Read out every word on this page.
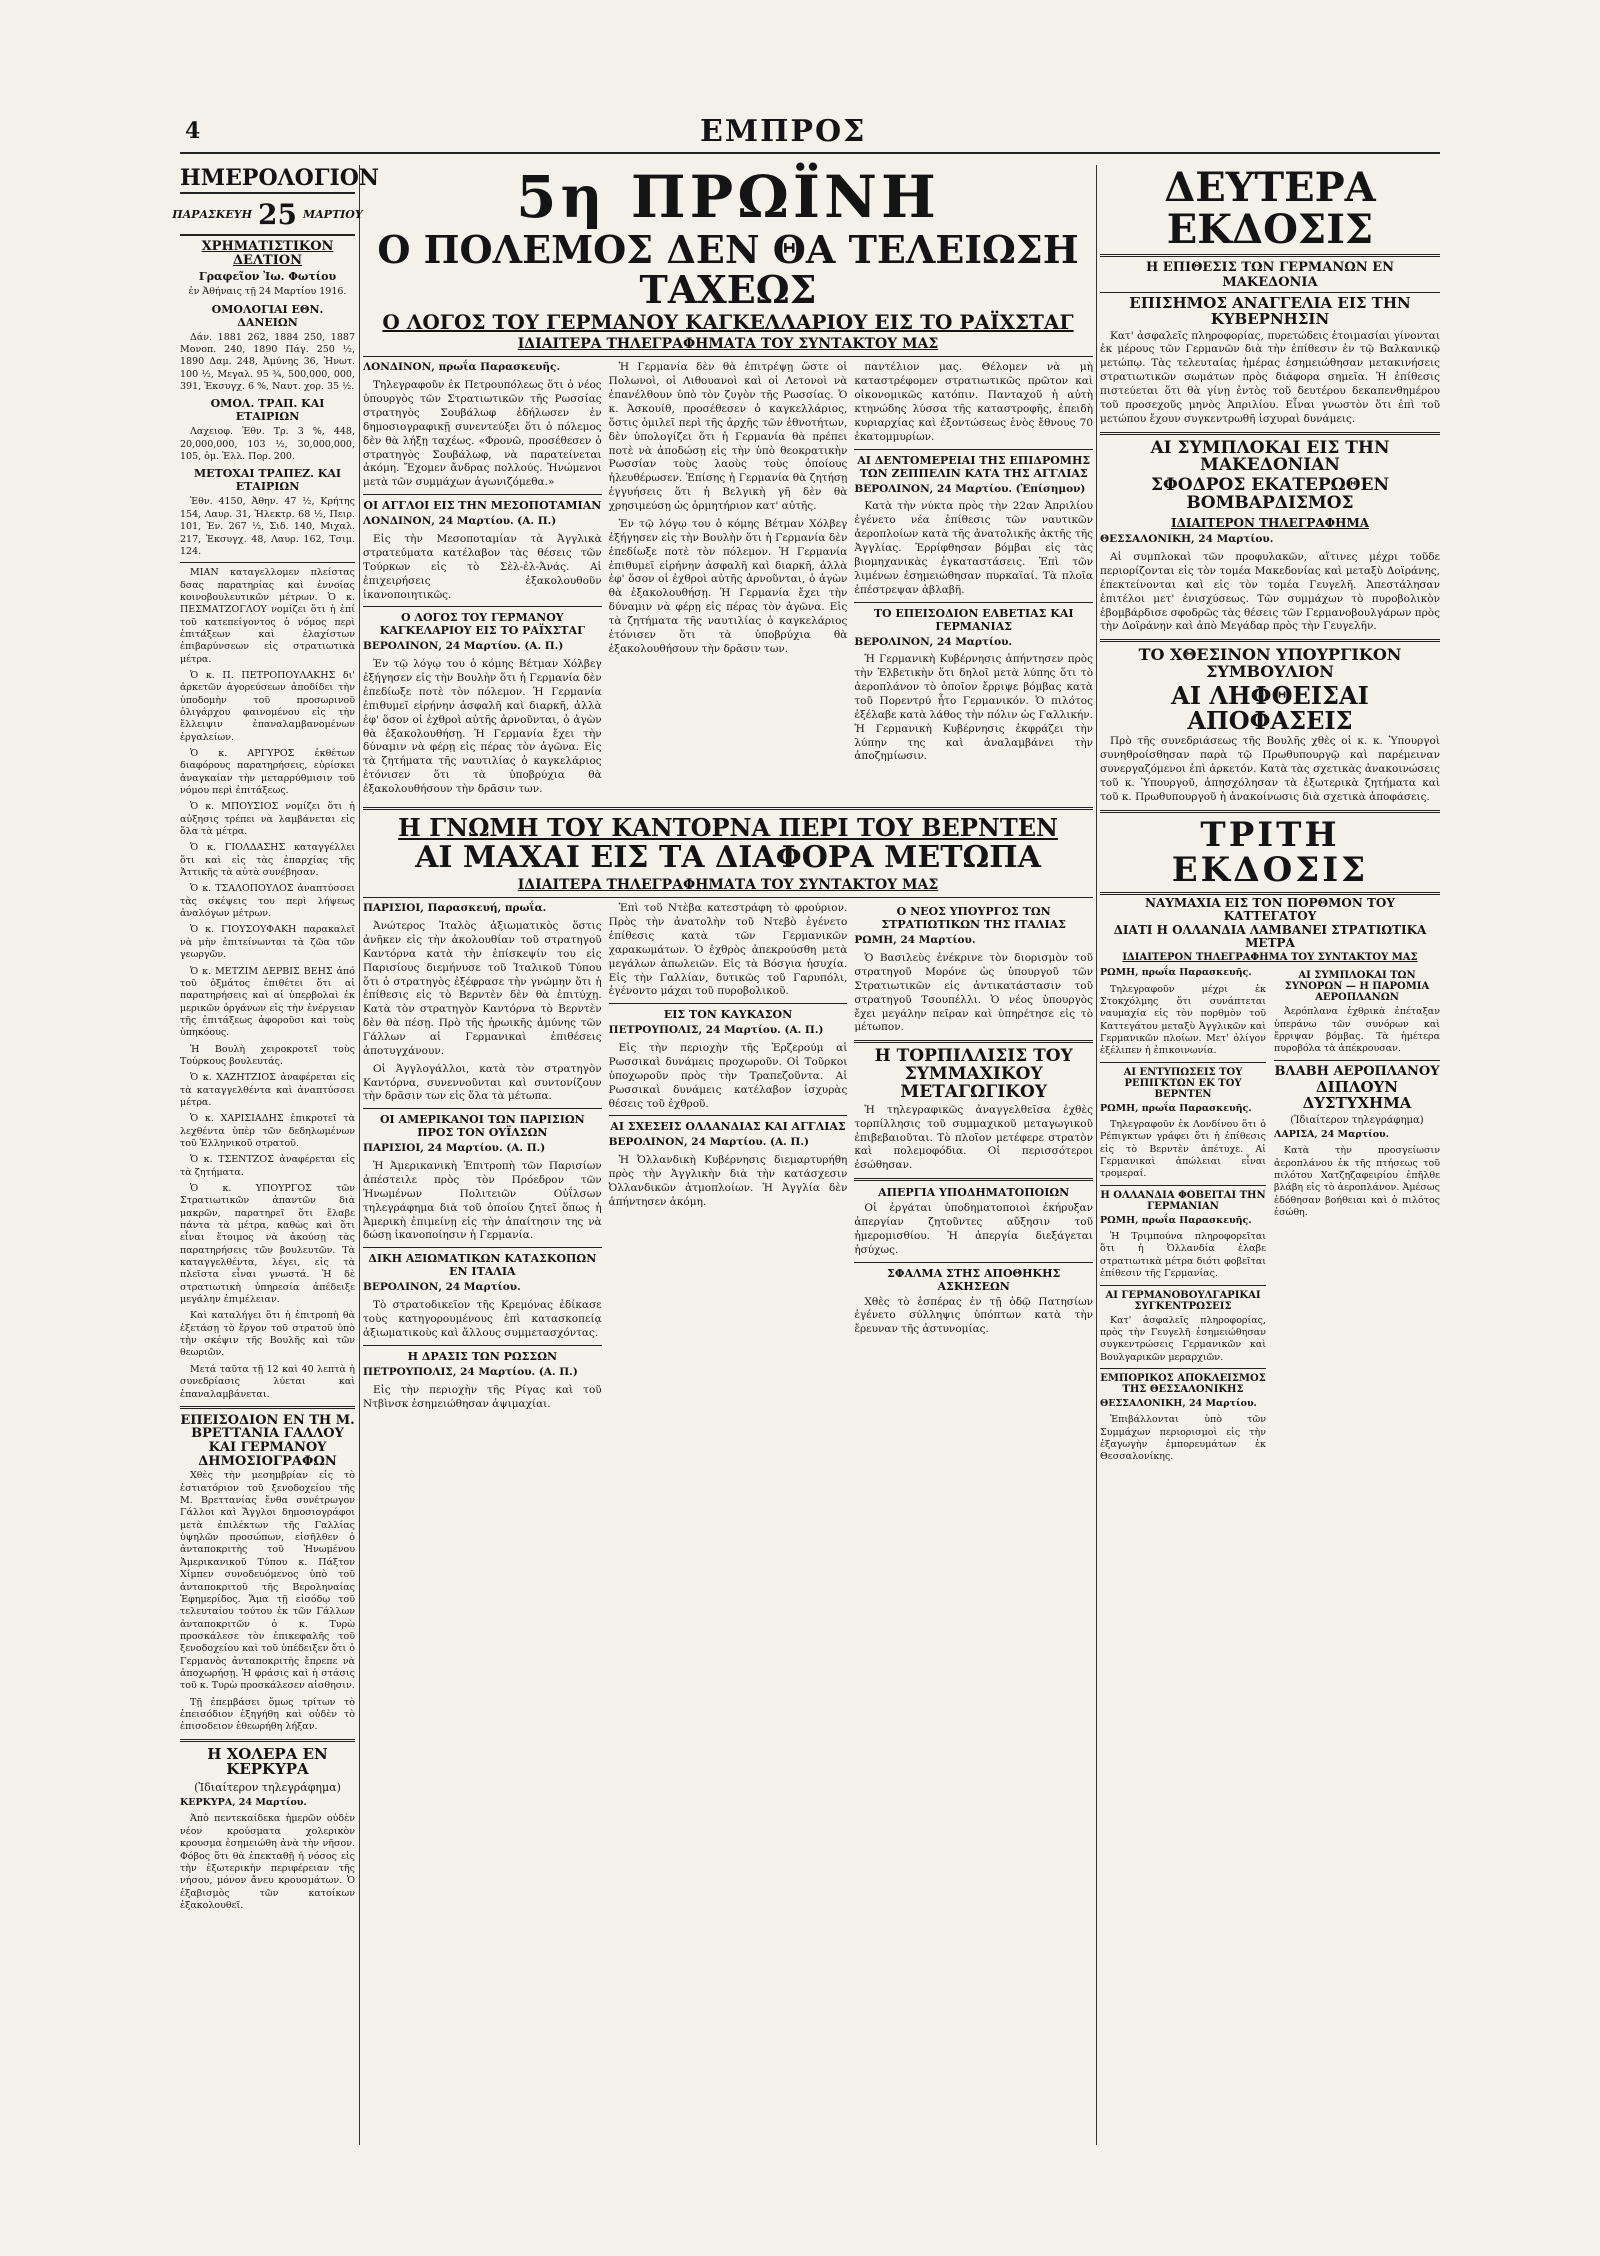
4	ΕΜΠΡΟΣ
ΗΜΕΡΟΛΟΓΙΟΝ
ΠΑΡΑΣΚΕΥΗ 25 ΜΑΡΤΙΟΥ
ΧΡΗΜΑΤΙΣΤΙΚΟΝ ΔΕΛΤΙΟΝ
Γραφεῖον Ἰω. Φωτίου
ἐν Ἀθήναις τῇ 24 Μαρτίου 1916.
ΟΜΟΛΟΓΙΑΙ ΕΘΝ. ΔΑΝΕΙΩΝ
Δάν. 1881 262, 1884 250, 1887 Μονοπ. 240, 1890 Πάγ. 250 ½, 1890 Δαμ. 248, Ἀμύνης 36, Ἠνωτ. 100 ½, Μεγαλ. 95 ¾, 500,000, 000, 391, Ἐκσυγχ. 6 %, Ναυτ. χορ. 35 ½.
ΟΜΟΛ. ΤΡΑΠ. ΚΑΙ ΕΤΑΙΡΙΩΝ
Λαχειοφ. Ἐθν. Τρ. 3 %, 448, 20,000,000, 103 ½, 30,000,000, 105, ὁμ. Ἑλλ. Πορ. 200.
ΜΕΤΟΧΑΙ ΤΡΑΠΕΖ. ΚΑΙ ΕΤΑΙΡΙΩΝ
Ἐθν. 4150, Ἀθην. 47 ½, Κρήτης 154, Λαυρ. 31, Ἠλεκτρ. 68 ½, Πειρ. 101, Ἐν. 267 ½, Σιδ. 140, Μιχαλ. 217, Ἐκσυγχ. 48, Λαυρ. 162, Τσιμ. 124.
ΜΙΑΝ καταγελλομεν πλείστας δσας παρατηρίας καὶ ἐννοίας κοινοβουλευτικῶν μέτρων. Ὁ κ. ΠΕΣΜΑΤΖΟΓΛΟΥ νομίζει ὅτι ἡ ἐπί τοῦ κατεπείγοντος ὁ νόμος περὶ ἐπιτάξεων καὶ ἐλαχίστων ἐπιβαρύνσεων εἰς στρατιωτικὰ μέτρα.
Ὁ κ. Π. ΠΕΤΡΟΠΟΥΛΑΚΗΣ δι' ἀρκετῶν ἀγορεύσεων ἀποδίδει τὴν ὑποδομὴν τοῦ προσωρινοῦ ὀλιγάρχου φαινομένου εἰς τὴν ἔλλειψιν ἐπαναλαμβανομένων ἐργαλείων.
Ὁ κ. ΑΡΓΥΡΟΣ ἐκθέτων διαφόρους παρατηρήσεις, εὑρίσκει ἀναγκαίαν τὴν μεταρρύθμισιν τοῦ νόμου περὶ ἐπιτάξεως.
Ὁ κ. ΜΠΟΥΣΙΟΣ νομίζει ὅτι ἡ αὐξησις τρέπει νὰ λαμβάνεται εἰς ὅλα τὰ μέτρα.
Ὁ κ. ΓΙΟΛΔΑΣΗΣ καταγγέλλει ὅτι καὶ εἰς τὰς ἐπαρχίας τῆς Ἀττικῆς τὰ αὐτὰ συνέβησαν.
Ὁ κ. ΤΣΑΛΟΠΟΥΛΟΣ ἀναπτύσσει τὰς σκέψεις του περὶ λήψεως ἀναλόγων μέτρων.
Ὁ κ. ΓΙΟΥΣΟΥΦΑΚΗ παρακαλεῖ νὰ μὴν ἐπιτείνωνται τὰ ζῶα τῶν γεωργῶν.
Ὁ κ. ΜΕΤΖΙΜ ΔΕΡΒΙΣ ΒΕΗΣ ἀπό τοῦ ὀξμάτος ἐπιθέτει ὅτι αἱ παρατηρήσεις καὶ αἱ ὑπερβολαὶ ἐκ μερικῶν ὀργάνων εἰς τὴν ἐνέργειαν τῆς ἐπιτάξεως ἀφοροῦσι καὶ τοὺς ὑπηκόους.
Ἡ Βουλὴ χειροκροτεῖ τοὺς Τούρκους βουλευτάς.
Ὁ κ. ΧΑΖΗΤΖΙΟΣ ἀναφέρεται εἰς τὰ καταγγελθέντα καὶ ἀναπτύσσει μέτρα.
Ὁ κ. ΧΑΡΙΣΙΑΔΗΣ ἐπικροτεῖ τὰ λεχθέντα ὑπὲρ τῶν δεδηλωμένων τοῦ Ἑλληνικοῦ στρατοῦ.
Ὁ κ. ΤΣΕΝΤΖΟΣ ἀναφέρεται εἰς τὰ ζητήματα.
Ὁ κ. ΥΠΟΥΡΓΟΣ τῶν Στρατιωτικῶν ἀπαντῶν διὰ μακρῶν, παρατηρεῖ ὅτι ἔλαβε πάντα τὰ μέτρα, καθὼς καὶ ὅτι εἶναι ἕτοιμος νὰ ἀκούσῃ τὰς παρατηρήσεις τῶν βουλευτῶν. Τὰ καταγγελθέντα, λέγει, εἰς τὰ πλεῖστα εἶναι γνωστά. Ἡ δὲ στρατιωτικὴ ὑπηρεσία ἀπέδειξε μεγάλην ἐπιμέλειαν.
Καὶ καταλήγει ὅτι ἡ ἐπιτροπὴ θὰ ἐξετάσῃ τὸ ἔργον τοῦ στρατοῦ ὑπὸ τὴν σκέψιν τῆς Βουλῆς καὶ τῶν θεωριῶν.
Μετά ταῦτα τῇ 12 καὶ 40 λεπτὰ ἡ συνεδρίασις λύεται καὶ ἐπαναλαμβάνεται.
ΕΠΕΙΣΟΔΙΟΝ ΕΝ ΤΗ Μ. ΒΡΕΤΤΑΝΙΑ ΓΑΛΛΟΥ ΚΑΙ ΓΕΡΜΑΝΟΥ ΔΗΜΟΣΙΟΓΡΑΦΩΝ
Χθὲς τὴν μεσημβρίαν εἰς τὸ ἑστιατόριον τοῦ ξενοδοχείου τῆς Μ. Βρεττανίας ἔνθα συνέτρωγον Γάλλοι καὶ Ἄγγλοι δημοσιογράφοι μετὰ ἐπιλέκτων τῆς Γαλλίας ὑψηλῶν προσώπων, εἰσῆλθεν ὁ ἀνταποκριτὴς τοῦ Ἡνωμένου Ἀμερικανικοῦ Τύπου κ. Πάξτον Χίμπεν συνοδευόμενος ὑπὸ τοῦ ἀνταποκριτοῦ τῆς Βεροληναίας Ἐφημερίδος. Ἅμα τῇ εἰσόδῳ τοῦ τελευταίου τούτου ἐκ τῶν Γάλλων ἀνταποκριτῶν ὁ κ. Τυρὼ προσκάλεσε τὸν ἐπικεφαλῆς τοῦ ξενοδοχείου καὶ τοῦ ὑπέδειξεν ὅτι ὁ Γερμανὸς ἀνταποκριτὴς ἔπρεπε νὰ ἀποχωρήσῃ. Ἡ φράσις καὶ ἡ στάσις τοῦ κ. Τυρὼ προσκάλεσεν αἰσθησιν.
Τῇ ἐπεμβάσει ὅμως τρίτων τὸ ἐπεισόδιον ἐξηγήθη καὶ οὐδὲν τὸ ἐπισοδειον ἐθεωρήθη λήξαν.
Η ΧΟΛΕΡΑ ΕΝ ΚΕΡΚΥΡΑ
(Ἰδιαίτερον τηλεγράφημα)
ΚΕΡΚΥΡΑ, 24 Μαρτίου.
Ἀπὸ πεντεκαίδεκα ἡμερῶν οὐδὲν νέον κρούσματα χολερικὸν κρουσμα ἐσημειώθη ἀνὰ τὴν νῆσον. Φόβος ὅτι θὰ ἐπεκταθῇ ἡ νόσος εἰς τὴν ἐξωτερικὴν περιφέρειαν τῆς νήσου, μόνον ἄνευ κρουσμάτων. Ὁ ἐξαβισμὸς τῶν κατοίκων ἐξακολουθεῖ.
5η ΠΡΩΪΝΗ
Ο ΠΟΛΕΜΟΣ ΔΕΝ ΘΑ ΤΕΛΕΙΩΣΗ ΤΑΧΕΩΣ
Ο ΛΟΓΟΣ ΤΟΥ ΓΕΡΜΑΝΟΥ ΚΑΓΚΕΛΛΑΡΙΟΥ ΕΙΣ ΤΟ ΡΑΪΧΣΤΑΓ
ΙΔΙΑΙΤΕΡΑ ΤΗΛΕΓΡΑΦΗΜΑΤΑ ΤΟΥ ΣΥΝΤΑΚΤΟΥ ΜΑΣ
ΛΟΝΔΙΝΟΝ, πρωΐα Παρασκευῆς.
Τηλεγραφοῦν ἐκ Πετρουπόλεως ὅτι ὁ νέος ὑπουργὸς τῶν Στρατιωτικῶν τῆς Ρωσσίας στρατηγὸς Σουβάλωφ ἐδήλωσεν ἐν δημοσιογραφικῇ συνεντεύξει ὅτι ὁ πόλεμος δὲν θὰ λήξῃ ταχέως. «Φρονῶ, προσέθεσεν ὁ στρατηγὸς Σουβάλωφ, νὰ παρατείνεται ἀκόμη. Ἔχομεν ἄνδρας πολλούς. Ἠνώμενοι μετὰ τῶν συμμάχων ἀγωνιζόμεθα.»
ΟΙ ΑΓΓΛΟΙ ΕΙΣ ΤΗΝ ΜΕΣΟΠΟΤΑΜΙΑΝ
ΛΟΝΔΙΝΟΝ, 24 Μαρτίου. (Α. Π.)
Εἰς τὴν Μεσοποταμίαν τὰ Ἀγγλικὰ στρατεύματα κατέλαβον τὰς θέσεις τῶν Τούρκων εἰς τὸ Σὲλ-ἐλ-Ἀνάς. Αἱ ἐπιχειρήσεις ἐξακολουθοῦν ἱκανοποιητικῶς.
Ο ΛΟΓΟΣ ΤΟΥ ΓΕΡΜΑΝΟΥ ΚΑΓΚΕΛΑΡΙΟΥ ΕΙΣ ΤΟ ΡΑΪΧΣΤΑΓ
ΒΕΡΟΛΙΝΟΝ, 24 Μαρτίου. (Α. Π.)
Ἐν τῷ λόγῳ του ὁ κόμης Βέτμαν Χόλβεγ ἐξήγησεν εἰς τὴν Βουλὴν ὅτι ἡ Γερμανία δὲν ἐπεδίωξε ποτὲ τὸν πόλεμον. Ἡ Γερμανία ἐπιθυμεῖ εἰρήνην ἀσφαλῆ καὶ διαρκῆ, ἀλλὰ ἐφ' ὅσον οἱ ἐχθροὶ αὐτῆς ἀρνοῦνται, ὁ ἀγὼν θὰ ἐξακολουθήσῃ. Ἡ Γερμανία ἔχει τὴν δύναμιν νὰ φέρῃ εἰς πέρας τὸν ἀγῶνα. Εἰς τὰ ζητήματα τῆς ναυτιλίας ὁ καγκελάριος ἐτόνισεν ὅτι τὰ ὑποβρύχια θὰ ἐξακολουθήσουν τὴν δρᾶσιν των.
Ἡ Γερμανία δὲν θὰ ἐπιτρέψῃ ὥστε οἱ Πολωνοὶ, οἱ Λιθουανοὶ καὶ οἱ Λετονοὶ νὰ ἐπανέλθουν ὑπὸ τὸν ζυγὸν τῆς Ρωσσίας. Ὁ κ. Ἀσκουίθ, προσέθεσεν ὁ καγκελλάριος, ὅστις ὁμιλεῖ περὶ τῆς ἀρχῆς τῶν ἐθνοτήτων, δὲν ὑπολογίζει ὅτι ἡ Γερμανία θὰ πρέπει ποτὲ νὰ ἀποδώσῃ εἰς τὴν ὑπὸ θεοκρατικὴν Ρωσσίαν τοὺς λαοὺς τοὺς ὁποίους ἠλευθέρωσεν. Ἐπίσης ἡ Γερμανία θὰ ζητήσῃ ἐγγυήσεις ὅτι ἡ Βελγικὴ γῆ δὲν θὰ χρησιμεύσῃ ὡς ὁρμητήριον κατ' αὐτῆς.
Ἐν τῷ λόγῳ του ὁ κόμης Βέτμαν Χόλβεγ ἐξήγησεν εἰς τὴν Βουλὴν ὅτι ἡ Γερμανία δὲν ἐπεδίωξε ποτὲ τὸν πόλεμον. Ἡ Γερμανία ἐπιθυμεῖ εἰρήνην ἀσφαλῆ καὶ διαρκῆ, ἀλλὰ ἐφ' ὅσον οἱ ἐχθροὶ αὐτῆς ἀρνοῦνται, ὁ ἀγὼν θὰ ἐξακολουθήσῃ. Ἡ Γερμανία ἔχει τὴν δύναμιν νὰ φέρῃ εἰς πέρας τὸν ἀγῶνα. Εἰς τὰ ζητήματα τῆς ναυτιλίας ὁ καγκελάριος ἐτόνισεν ὅτι τὰ ὑποβρύχια θὰ ἐξακολουθήσουν τὴν δρᾶσιν των.
παντέλιον μας. Θέλομεν νὰ μὴ καταστρέφομεν στρατιωτικῶς πρῶτον καὶ οἰκονομικῶς κατόπιν. Πανταχοῦ ἡ αὐτὴ κτηνώδης λύσσα τῆς καταστροφῆς, ἐπειδὴ κυριαρχίας καὶ ἐξοντώσεως ἑνὸς ἔθνους 70 ἑκατομμυρίων.
ΑΙ ΔΕΝΤΟΜΕΡΕΙΑΙ ΤΗΣ ΕΠΙΔΡΟΜΗΣ ΤΩΝ ΖΕΠΠΕΛΙΝ ΚΑΤΑ ΤΗΣ ΑΓΓΛΙΑΣ
ΒΕΡΟΛΙΝΟΝ, 24 Μαρτίου. (Ἐπίσημον)
Κατὰ τὴν νύκτα πρὸς τὴν 22αν Ἀπριλίου ἐγένετο νέα ἐπίθεσις τῶν ναυτικῶν ἀεροπλοίων κατὰ τῆς ἀνατολικῆς ἀκτῆς τῆς Ἀγγλίας. Ἐρρίφθησαν βόμβαι εἰς τὰς βιομηχανικὰς ἐγκαταστάσεις. Ἐπὶ τῶν λιμένων ἐσημειώθησαν πυρκαϊαί. Τὰ πλοῖα ἐπέστρεψαν ἀβλαβῆ.
ΤΟ ΕΠΕΙΣΟΔΙΟΝ ΕΛΒΕΤΙΑΣ ΚΑΙ ΓΕΡΜΑΝΙΑΣ
ΒΕΡΟΛΙΝΟΝ, 24 Μαρτίου.
Ἡ Γερμανικὴ Κυβέρνησις ἀπήντησεν πρὸς τὴν Ἐλβετικὴν ὅτι δηλοῖ μετὰ λύπης ὅτι τὸ ἀεροπλάνον τὸ ὁποῖον ἔρριψε βόμβας κατὰ τοῦ Πορεντρύ ἦτο Γερμανικόν. Ὁ πιλότος ἐξέλαβε κατὰ λάθος τὴν πόλιν ὡς Γαλλικήν. Ἡ Γερμανικὴ Κυβέρνησις ἐκφράζει τὴν λύπην της καὶ ἀναλαμβάνει τὴν ἀποζημίωσιν.
Η ΓΝΩΜΗ ΤΟΥ ΚΑΝΤΟΡΝΑ ΠΕΡΙ ΤΟΥ ΒΕΡΝΤΕΝ
ΑΙ ΜΑΧΑΙ ΕΙΣ ΤΑ ΔΙΑΦΟΡΑ ΜΕΤΩΠΑ
ΙΔΙΑΙΤΕΡΑ ΤΗΛΕΓΡΑΦΗΜΑΤΑ ΤΟΥ ΣΥΝΤΑΚΤΟΥ ΜΑΣ
ΠΑΡΙΣΙΟΙ, Παρασκευή, πρωΐα.
Ἀνώτερος Ἰταλὸς ἀξιωματικὸς ὅστις ἀνῆκεν εἰς τὴν ἀκολουθίαν τοῦ στρατηγοῦ Καντόρνα κατὰ τὴν ἐπίσκεψίν του εἰς Παρισίους διεμήνυσε τοῦ Ἰταλικοῦ Τύπου ὅτι ὁ στρατηγὸς ἐξέφρασε τὴν γνώμην ὅτι ἡ ἐπίθεσις εἰς τὸ Βερντὲν δὲν θὰ ἐπιτύχῃ. Κατὰ τὸν στρατηγὸν Καντόρνα τὸ Βερντὲν δὲν θὰ πέσῃ. Πρὸ τῆς ἠρωικῆς ἀμύνης τῶν Γάλλων αἱ Γερμανικαὶ ἐπιθέσεις ἀποτυγχάνουν.
Οἱ Ἀγγλογάλλοι, κατὰ τὸν στρατηγὸν Καντόρνα, συνεννοῦνται καὶ συντονίζουν τὴν δρᾶσιν των εἰς ὅλα τὰ μέτωπα.
ΟΙ ΑΜΕΡΙΚΑΝΟΙ ΤΩΝ ΠΑΡΙΣΙΩΝ ΠΡΟΣ ΤΟΝ ΟΥΪΛΣΩΝ
ΠΑΡΙΣΙΟΙ, 24 Μαρτίου. (Α. Π.)
Ἡ Ἀμερικανικὴ Ἐπιτροπὴ τῶν Παρισίων ἀπέστειλε πρὸς τὸν Πρόεδρον τῶν Ἡνωμένων Πολιτειῶν Οὐΐλσων τηλεγράφημα διὰ τοῦ ὁποίου ζητεῖ ὅπως ἡ Ἀμερικὴ ἐπιμείνῃ εἰς τὴν ἀπαίτησιν της νὰ δώσῃ ἱκανοποίησιν ἡ Γερμανία.
ΔΙΚΗ ΑΞΙΩΜΑΤΙΚΩΝ ΚΑΤΑΣΚΟΠΩΝ ΕΝ ΙΤΑΛΙΑ
ΒΕΡΟΛΙΝΟΝ, 24 Μαρτίου.
Τὸ στρατοδικεῖον τῆς Κρεμόνας ἐδίκασε τοὺς κατηγορουμένους ἐπὶ κατασκοπείᾳ ἀξιωματικοὺς καὶ ἄλλους συμμετασχόντας.
Η ΔΡΑΣΙΣ ΤΩΝ ΡΩΣΣΩΝ
ΠΕΤΡΟΥΠΟΛΙΣ, 24 Μαρτίου. (Α. Π.)
Εἰς τὴν περιοχὴν τῆς Ρίγας καὶ τοῦ Ντβὶνσκ ἐσημειώθησαν ἀψιμαχίαι.
Ἐπὶ τοῦ Ντὲβα κατεστράφη τὸ φρούριον. Πρὸς τὴν ἀνατολὴν τοῦ Ντεβὸ ἐγένετο ἐπίθεσις κατὰ τῶν Γερμανικῶν χαρακωμάτων. Ὁ ἐχθρὸς ἀπεκρούσθη μετὰ μεγάλων ἀπωλειῶν. Εἰς τὰ Βόσγια ἡσυχία. Εἰς τὴν Γαλλίαν, δυτικῶς τοῦ Γαρυπόλι, ἐγένοντο μάχαι τοῦ πυροβολικοῦ.
ΕΙΣ ΤΟΝ ΚΑΥΚΑΣΟΝ
ΠΕΤΡΟΥΠΟΛΙΣ, 24 Μαρτίου. (Α. Π.)
Εἰς τὴν περιοχὴν τῆς Ἐρζερούμ αἱ Ρωσσικαὶ δυνάμεις προχωροῦν. Οἱ Τοῦρκοι ὑποχωροῦν πρὸς τὴν Τραπεζοῦντα. Αἱ Ρωσσικαὶ δυνάμεις κατέλαβον ἰσχυρὰς θέσεις τοῦ ἐχθροῦ.
ΑΙ ΣΧΕΣΕΙΣ ΟΛΛΑΝΔΙΑΣ ΚΑΙ ΑΓΓΛΙΑΣ
ΒΕΡΟΛΙΝΟΝ, 24 Μαρτίου. (Α. Π.)
Ἡ Ὀλλανδικὴ Κυβέρνησις διεμαρτυρήθη πρὸς τὴν Ἀγγλικὴν διὰ τὴν κατάσχεσιν Ὀλλανδικῶν ἀτμοπλοίων. Ἡ Ἀγγλία δὲν ἀπήντησεν ἀκόμη.
Ο ΝΕΟΣ ΥΠΟΥΡΓΟΣ ΤΩΝ ΣΤΡΑΤΙΩΤΙΚΩΝ ΤΗΣ ΙΤΑΛΙΑΣ
ΡΩΜΗ, 24 Μαρτίου.
Ὁ Βασιλεὺς ἐνέκρινε τὸν διορισμὸν τοῦ στρατηγοῦ Μορόνε ὡς ὑπουργοῦ τῶν Στρατιωτικῶν εἰς ἀντικατάστασιν τοῦ στρατηγοῦ Τσουπέλλι. Ὁ νέος ὑπουργὸς ἔχει μεγάλην πεῖραν καὶ ὑπηρέτησε εἰς τὸ μέτωπον.
Η ΤΟΡΠΙΛΛΙΣΙΣ ΤΟΥ ΣΥΜΜΑΧΙΚΟΥ ΜΕΤΑΓΩΓΙΚΟΥ
Ἡ τηλεγραφικῶς ἀναγγελθεῖσα ἐχθὲς τορπίλλησις τοῦ συμμαχικοῦ μεταγωγικοῦ ἐπιβεβαιοῦται. Τὸ πλοῖον μετέφερε στρατὸν καὶ πολεμοφόδια. Οἱ περισσότεροι ἐσώθησαν.
ΑΠΕΡΓΙΑ ΥΠΟΔΗΜΑΤΟΠΟΙΩΝ
Οἱ ἐργάται ὑποδηματοποιοὶ ἐκήρυξαν ἀπεργίαν ζητοῦντες αὔξησιν τοῦ ἡμερομισθίου. Ἡ ἀπεργία διεξάγεται ἡσύχως.
ΣΦΑΛΜΑ ΣΤΗΣ ΑΠΟΘΗΚΗΣ ΑΣΚΗΣΕΩΝ
Χθὲς τὸ ἑσπέρας ἐν τῇ ὁδῷ Πατησίων ἐγένετο σύλληψις ὑπόπτων κατὰ τὴν ἔρευναν τῆς ἀστυνομίας.
ΔΕΥΤΕΡΑ ΕΚΔΟΣΙΣ
Η ΕΠΙΘΕΣΙΣ ΤΩΝ ΓΕΡΜΑΝΩΝ ΕΝ ΜΑΚΕΔΟΝΙΑ
ΕΠΙΣΗΜΟΣ ΑΝΑΓΓΕΛΙΑ ΕΙΣ ΤΗΝ ΚΥΒΕΡΝΗΣΙΝ
Κατ' ἀσφαλεῖς πληροφορίας, πυρετώδεις ἑτοιμασίαι γίνονται ἐκ μέρους τῶν Γερμανῶν διὰ τὴν ἐπίθεσιν ἐν τῷ Βαλκανικῷ μετώπῳ. Τὰς τελευταίας ἡμέρας ἐσημειώθησαν μετακινήσεις στρατιωτικῶν σωμάτων πρὸς διάφορα σημεῖα. Ἡ ἐπίθεσις πιστεύεται ὅτι θὰ γίνῃ ἐντὸς τοῦ δευτέρου δεκαπενθημέρου τοῦ προσεχοῦς μηνὸς Ἀπριλίου. Εἶναι γνωστὸν ὅτι ἐπὶ τοῦ μετώπου ἔχουν συγκεντρωθῆ ἰσχυραὶ δυνάμεις.
ΑΙ ΣΥΜΠΛΟΚΑΙ ΕΙΣ ΤΗΝ ΜΑΚΕΔΟΝΙΑΝ
ΣΦΟΔΡΟΣ ΕΚΑΤΕΡΩΘΕΝ ΒΟΜΒΑΡΔΙΣΜΟΣ
ΙΔΙΑΙΤΕΡΟΝ ΤΗΛΕΓΡΑΦΗΜΑ
ΘΕΣΣΑΛΟΝΙΚΗ, 24 Μαρτίου.
Αἱ συμπλοκαὶ τῶν προφυλακῶν, αἵτινες μέχρι τοῦδε περιορίζονται εἰς τὸν τομέα Μακεδονίας καὶ μεταξὺ Δοϊράνης, ἐπεκτείνονται καὶ εἰς τὸν τομέα Γευγελῆ. Ἀπεστάλησαν ἐπιτέλοι μετ' ἐνισχύσεως. Τῶν συμμάχων τὸ πυροβολικὸν ἐβομβάρδισε σφοδρῶς τὰς θέσεις τῶν Γερμανοβουλγάρων πρὸς τὴν Δοϊράνην καὶ ἀπὸ Μεγάδαρ πρὸς τὴν Γευγελῆν.
ΤΟ ΧΘΕΣΙΝΟΝ ΥΠΟΥΡΓΙΚΟΝ ΣΥΜΒΟΥΛΙΟΝ
ΑΙ ΛΗΦΘΕΙΣΑΙ ΑΠΟΦΑΣΕΙΣ
Πρὸ τῆς συνεδριάσεως τῆς Βουλῆς χθὲς οἱ κ. κ. Ὑπουργοὶ συνηθροίσθησαν παρὰ τῷ Πρωθυπουργῷ καὶ παρέμειναν συνεργαζόμενοι ἐπὶ ἀρκετόν. Κατὰ τὰς σχετικὰς ἀνακοινώσεις τοῦ κ. Ὑπουργοῦ, ἀπησχόλησαν τὰ ἐξωτερικὰ ζητήματα καὶ τοῦ κ. Πρωθυπουργοῦ ἡ ἀνακοίνωσις διὰ σχετικὰ ἀποφάσεις.
ΤΡΙΤΗ ΕΚΔΟΣΙΣ
ΝΑΥΜΑΧΙΑ ΕΙΣ ΤΟΝ ΠΟΡΘΜΟΝ ΤΟΥ ΚΑΤΤΕΓΑΤΟΥ
ΔΙΑΤΙ Η ΟΛΛΑΝΔΙΑ ΛΑΜΒΑΝΕΙ ΣΤΡΑΤΙΩΤΙΚΑ ΜΕΤΡΑ
ΙΔΙΑΙΤΕΡΟΝ ΤΗΛΕΓΡΑΦΗΜΑ ΤΟΥ ΣΥΝΤΑΚΤΟΥ ΜΑΣ
ΡΩΜΗ, πρωΐα Παρασκευῆς.
Τηλεγραφοῦν μέχρι ἐκ Στοκχόλμης ὅτι συνάπτεται ναυμαχία εἰς τὸν πορθμὸν τοῦ Καττεγάτου μεταξὺ Ἀγγλικῶν καὶ Γερμανικῶν πλοίων. Μετ' ὀλίγον ἐξέλιπεν ἡ ἐπικοινωνία.
ΑΙ ΕΝΤΥΠΩΣΕΙΣ ΤΟΥ ΡΕΠΙΓΚΤΩΝ ΕΚ ΤΟΥ ΒΕΡΝΤΕΝ
ΡΩΜΗ, πρωΐα Παρασκευῆς.
Τηλεγραφοῦν ἐκ Λονδίνου ὅτι ὁ Ρέπιγκτων γράφει ὅτι ἡ ἐπίθεσις εἰς τὸ Βερντὲν ἀπέτυχε. Αἱ Γερμανικαὶ ἀπώλειαι εἶναι τρομεραί.
Η ΟΛΛΑΝΔΙΑ ΦΟΒΕΙΤΑΙ ΤΗΝ ΓΕΡΜΑΝΙΑΝ
ΡΩΜΗ, πρωΐα Παρασκευῆς.
Ἡ Τριμπούνα πληροφορεῖται ὅτι ἡ Ὀλλανδία ἐλαβε στρατιωτικὰ μέτρα διότι φοβεῖται ἐπίθεσιν τῆς Γερμανίας.
ΑΙ ΓΕΡΜΑΝΟΒΟΥΛΓΑΡΙΚΑΙ ΣΥΓΚΕΝΤΡΩΣΕΙΣ
Κατ' ἀσφαλεῖς πληροφορίας, πρὸς τὴν Γευγελῆ ἐσημειώθησαν συγκεντρώσεις Γερμανικῶν καὶ Βουλγαρικῶν μεραρχιῶν.
ΕΜΠΟΡΙΚΟΣ ΑΠΟΚΛΕΙΣΜΟΣ ΤΗΣ ΘΕΣΣΑΛΟΝΙΚΗΣ
ΘΕΣΣΑΛΟΝΙΚΗ, 24 Μαρτίου.
Ἐπιβάλλονται ὑπὸ τῶν Συμμάχων περιορισμοὶ εἰς τὴν ἐξαγωγὴν ἐμπορευμάτων ἐκ Θεσσαλονίκης.
ΑΙ ΣΥΜΠΛΟΚΑΙ ΤΩΝ ΣΥΝΟΡΩΝ — Η ΠΑΡΟΜΙΑ ΑΕΡΟΠΛΑΝΩΝ
Ἀερόπλανα ἐχθρικὰ ἐπέταξαν ὑπεράνω τῶν συνόρων καὶ ἔρριψαν βόμβας. Τὰ ἡμέτερα πυροβόλα τὰ ἀπέκρουσαν.
ΒΛΑΒΗ ΑΕΡΟΠΛΑΝΟΥ
ΔΙΠΛΟΥΝ ΔΥΣΤΥΧΗΜΑ
(Ἰδιαίτερον τηλεγράφημα)
ΛΑΡΙΣΑ, 24 Μαρτίου.
Κατὰ τὴν προσγείωσιν ἀεροπλάνου ἐκ τῆς πτήσεως τοῦ πιλότου Χατζηζαφειρίου ἐπῆλθε βλάβη εἰς τὸ ἀεροπλάνον. Ἀμέσως ἐδόθησαν βοήθειαι καὶ ὁ πιλότος ἐσώθη.
